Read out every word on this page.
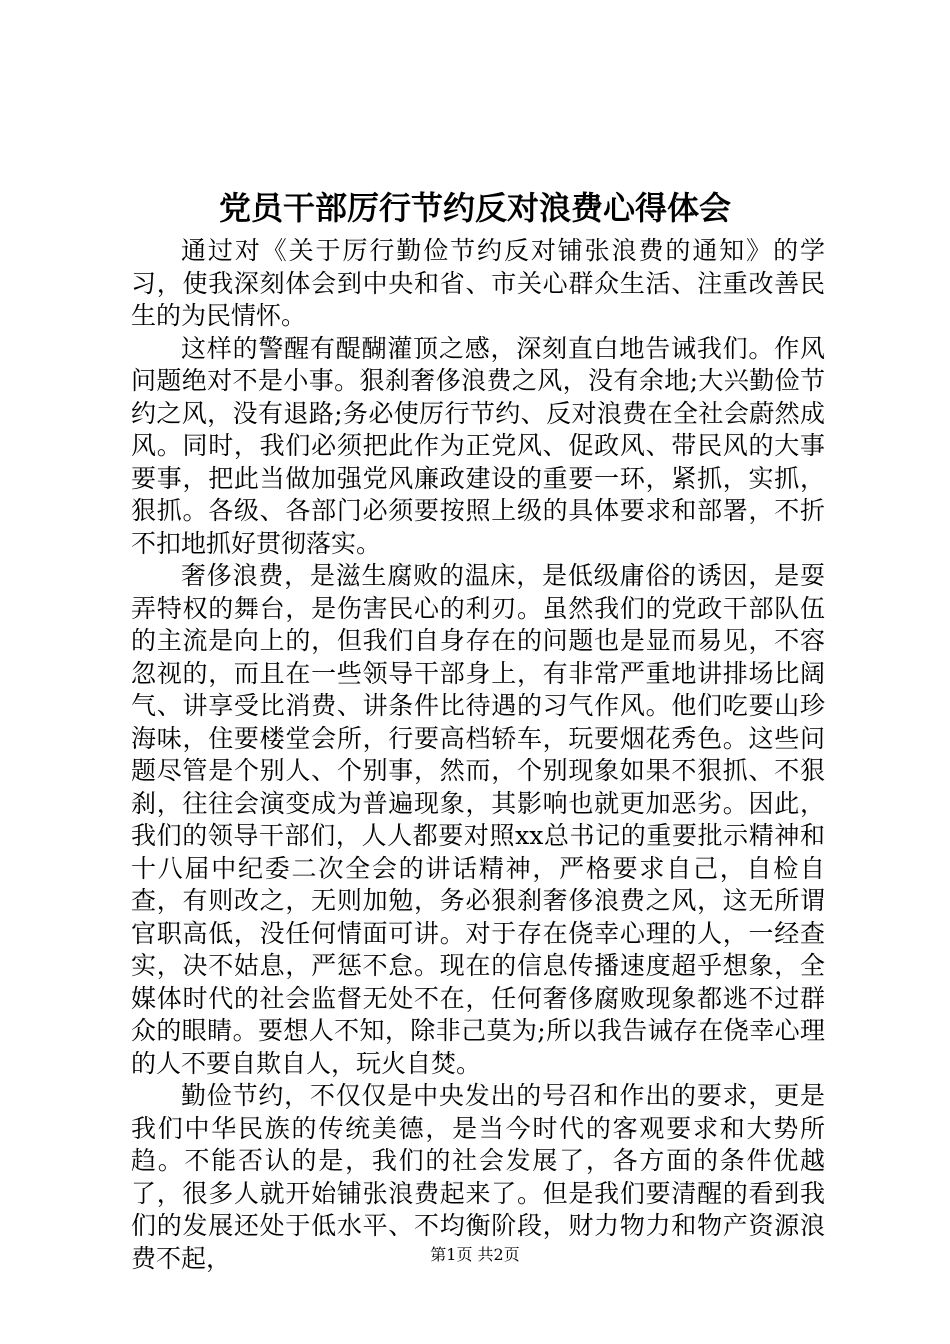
党员干部厉行节约反对浪费心得体会

通过对《关于厉行勤俭节约反对铺张浪费的通知》的学习，使我深刻体会到中央和省、市关心群众生活、注重改善民生的为民情怀。

这样的警醒有醍醐灌顶之感，深刻直白地告诫我们。作风问题绝对不是小事。狠刹奢侈浪费之风，没有余地;大兴勤俭节约之风，没有退路;务必使厉行节约、反对浪费在全社会蔚然成风。同时，我们必须把此作为正党风、促政风、带民风的大事要事，把此当做加强党风廉政建设的重要一环，紧抓，实抓，狠抓。各级、各部门必须要按照上级的具体要求和部署，不折不扣地抓好贯彻落实。

奢侈浪费，是滋生腐败的温床，是低级庸俗的诱因，是耍弄特权的舞台，是伤害民心的利刃。虽然我们的党政干部队伍的主流是向上的，但我们自身存在的问题也是显而易见，不容忽视的，而且在一些领导干部身上，有非常严重地讲排场比阔气、讲享受比消费、讲条件比待遇的习气作风。他们吃要山珍海味，住要楼堂会所，行要高档轿车，玩要烟花秀色。这些问题尽管是个别人、个别事，然而，个别现象如果不狠抓、不狠刹，往往会演变成为普遍现象，其影响也就更加恶劣。因此，我们的领导干部们，人人都要对照xx总书记的重要批示精神和十八届中纪委二次全会的讲话精神，严格要求自己，自检自查，有则改之，无则加勉，务必狠刹奢侈浪费之风，这无所谓官职高低，没任何情面可讲。对于存在侥幸心理的人，一经查实，决不姑息，严惩不怠。现在的信息传播速度超乎想象，全媒体时代的社会监督无处不在，任何奢侈腐败现象都逃不过群众的眼睛。要想人不知，除非己莫为;所以我告诫存在侥幸心理的人不要自欺自人，玩火自焚。

勤俭节约，不仅仅是中央发出的号召和作出的要求，更是我们中华民族的传统美德，是当今时代的客观要求和大势所趋。不能否认的是，我们的社会发展了，各方面的条件优越了，很多人就开始铺张浪费起来了。但是我们要清醒的看到我们的发展还处于低水平、不均衡阶段，财力物力和物产资源浪费不起，	第1页 共2页
